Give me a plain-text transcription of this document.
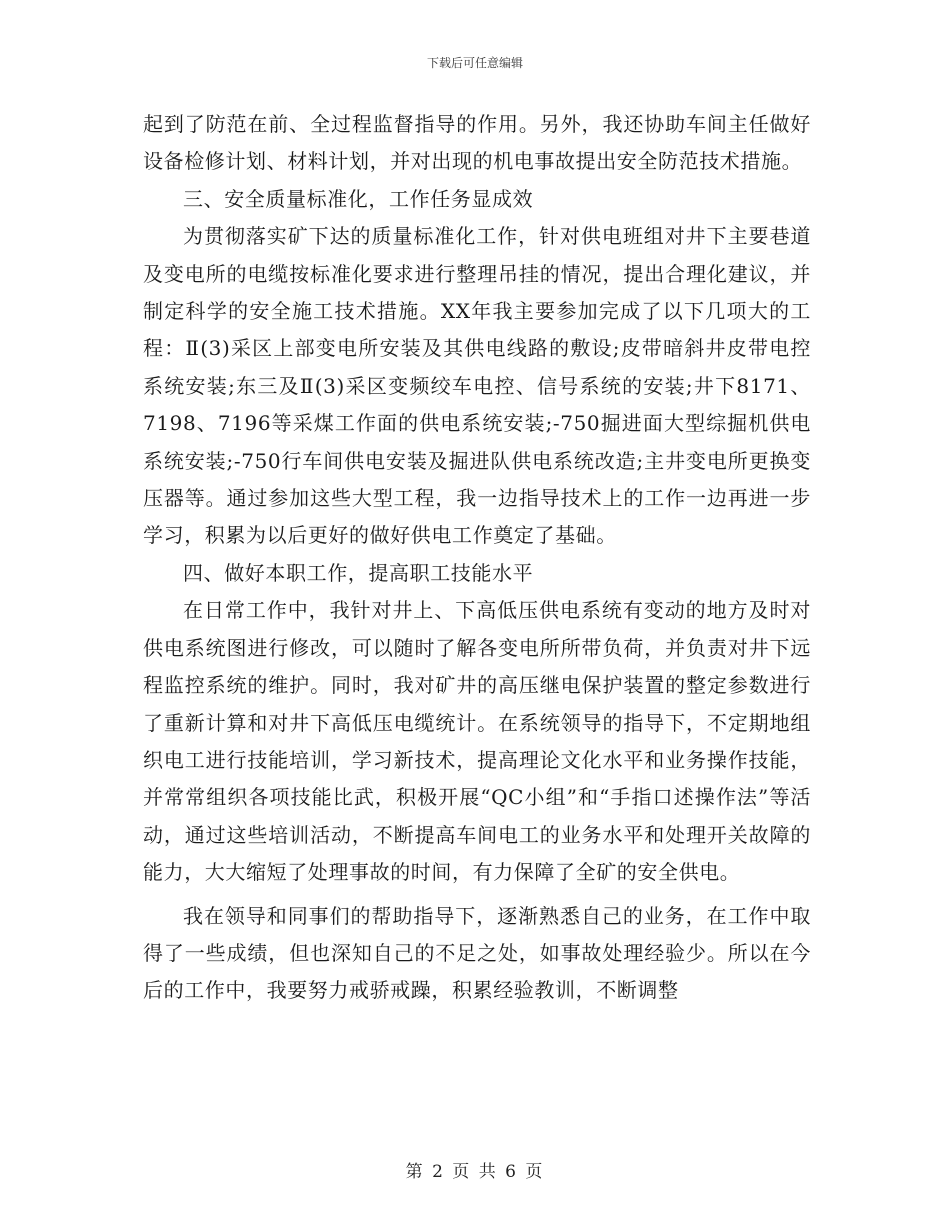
下载后可任意编辑

起到了防范在前、全过程监督指导的作用。另外，我还协助车间主任做好设备检修计划、材料计划，并对出现的机电事故提出安全防范技术措施。

三、安全质量标准化，工作任务显成效

为贯彻落实矿下达的质量标准化工作，针对供电班组对井下主要巷道及变电所的电缆按标准化要求进行整理吊挂的情况，提出合理化建议，并制定科学的安全施工技术措施。XX年我主要参加完成了以下几项大的工程：Ⅱ(3)采区上部变电所安装及其供电线路的敷设;皮带暗斜井皮带电控系统安装;东三及Ⅱ(3)采区变频绞车电控、信号系统的安装;井下8171、7198、7196等采煤工作面的供电系统安装;-750掘进面大型综掘机供电系统安装;-750行车间供电安装及掘进队供电系统改造;主井变电所更换变压器等。通过参加这些大型工程，我一边指导技术上的工作一边再进一步学习，积累为以后更好的做好供电工作奠定了基础。

四、做好本职工作，提高职工技能水平

在日常工作中，我针对井上、下高低压供电系统有变动的地方及时对供电系统图进行修改，可以随时了解各变电所所带负荷，并负责对井下远程监控系统的维护。同时，我对矿井的高压继电保护装置的整定参数进行了重新计算和对井下高低压电缆统计。在系统领导的指导下，不定期地组织电工进行技能培训，学习新技术，提高理论文化水平和业务操作技能，并常常组织各项技能比武，积极开展“QC小组”和“手指口述操作法”等活动，通过这些培训活动，不断提高车间电工的业务水平和处理开关故障的能力，大大缩短了处理事故的时间，有力保障了全矿的安全供电。

我在领导和同事们的帮助指导下，逐渐熟悉自己的业务，在工作中取得了一些成绩，但也深知自己的不足之处，如事故处理经验少。所以在今后的工作中，我要努力戒骄戒躁，积累经验教训，不断调整

第 2 页 共 6 页
